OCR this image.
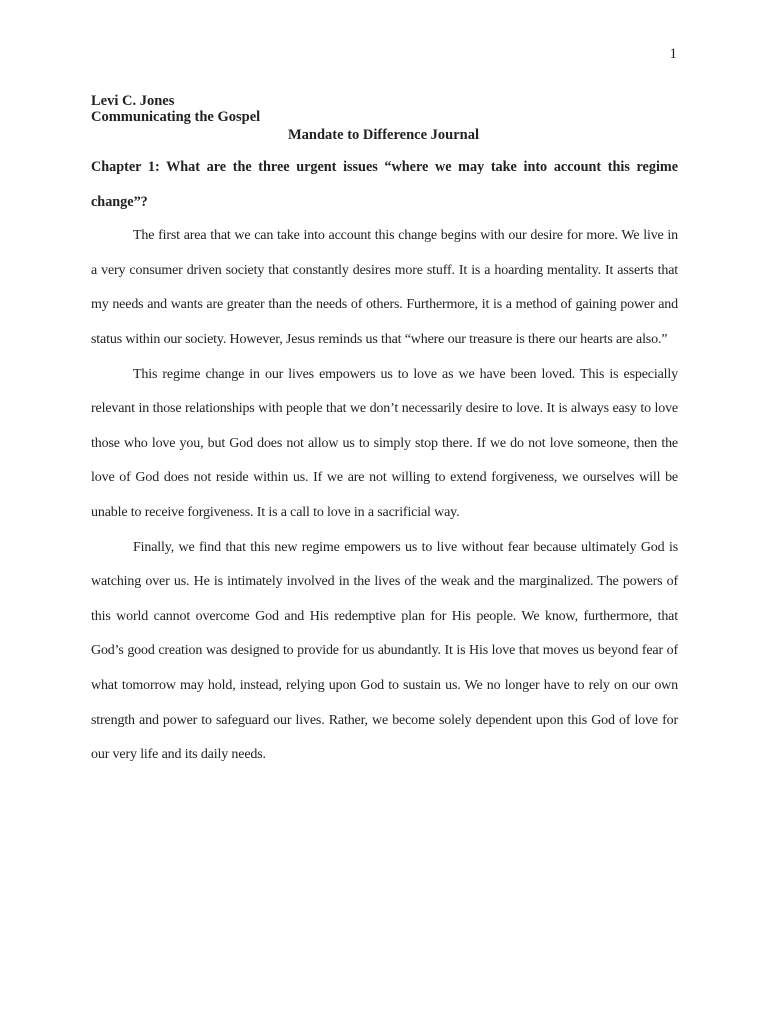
1

Levi C. Jones

Communicating the Gospel

Mandate to Difference Journal

Chapter 1: What are the three urgent issues “where we may take into account this regime change”?

The first area that we can take into account this change begins with our desire for more. We live in a very consumer driven society that constantly desires more stuff. It is a hoarding mentality. It asserts that my needs and wants are greater than the needs of others. Furthermore, it is a method of gaining power and status within our society. However, Jesus reminds us that “where our treasure is there our hearts are also.”

This regime change in our lives empowers us to love as we have been loved. This is especially relevant in those relationships with people that we don’t necessarily desire to love. It is always easy to love those who love you, but God does not allow us to simply stop there. If we do not love someone, then the love of God does not reside within us. If we are not willing to extend forgiveness, we ourselves will be unable to receive forgiveness. It is a call to love in a sacrificial way.

Finally, we find that this new regime empowers us to live without fear because ultimately God is watching over us. He is intimately involved in the lives of the weak and the marginalized. The powers of this world cannot overcome God and His redemptive plan for His people. We know, furthermore, that God’s good creation was designed to provide for us abundantly. It is His love that moves us beyond fear of what tomorrow may hold, instead, relying upon God to sustain us. We no longer have to rely on our own strength and power to safeguard our lives. Rather, we become solely dependent upon this God of love for our very life and its daily needs.
